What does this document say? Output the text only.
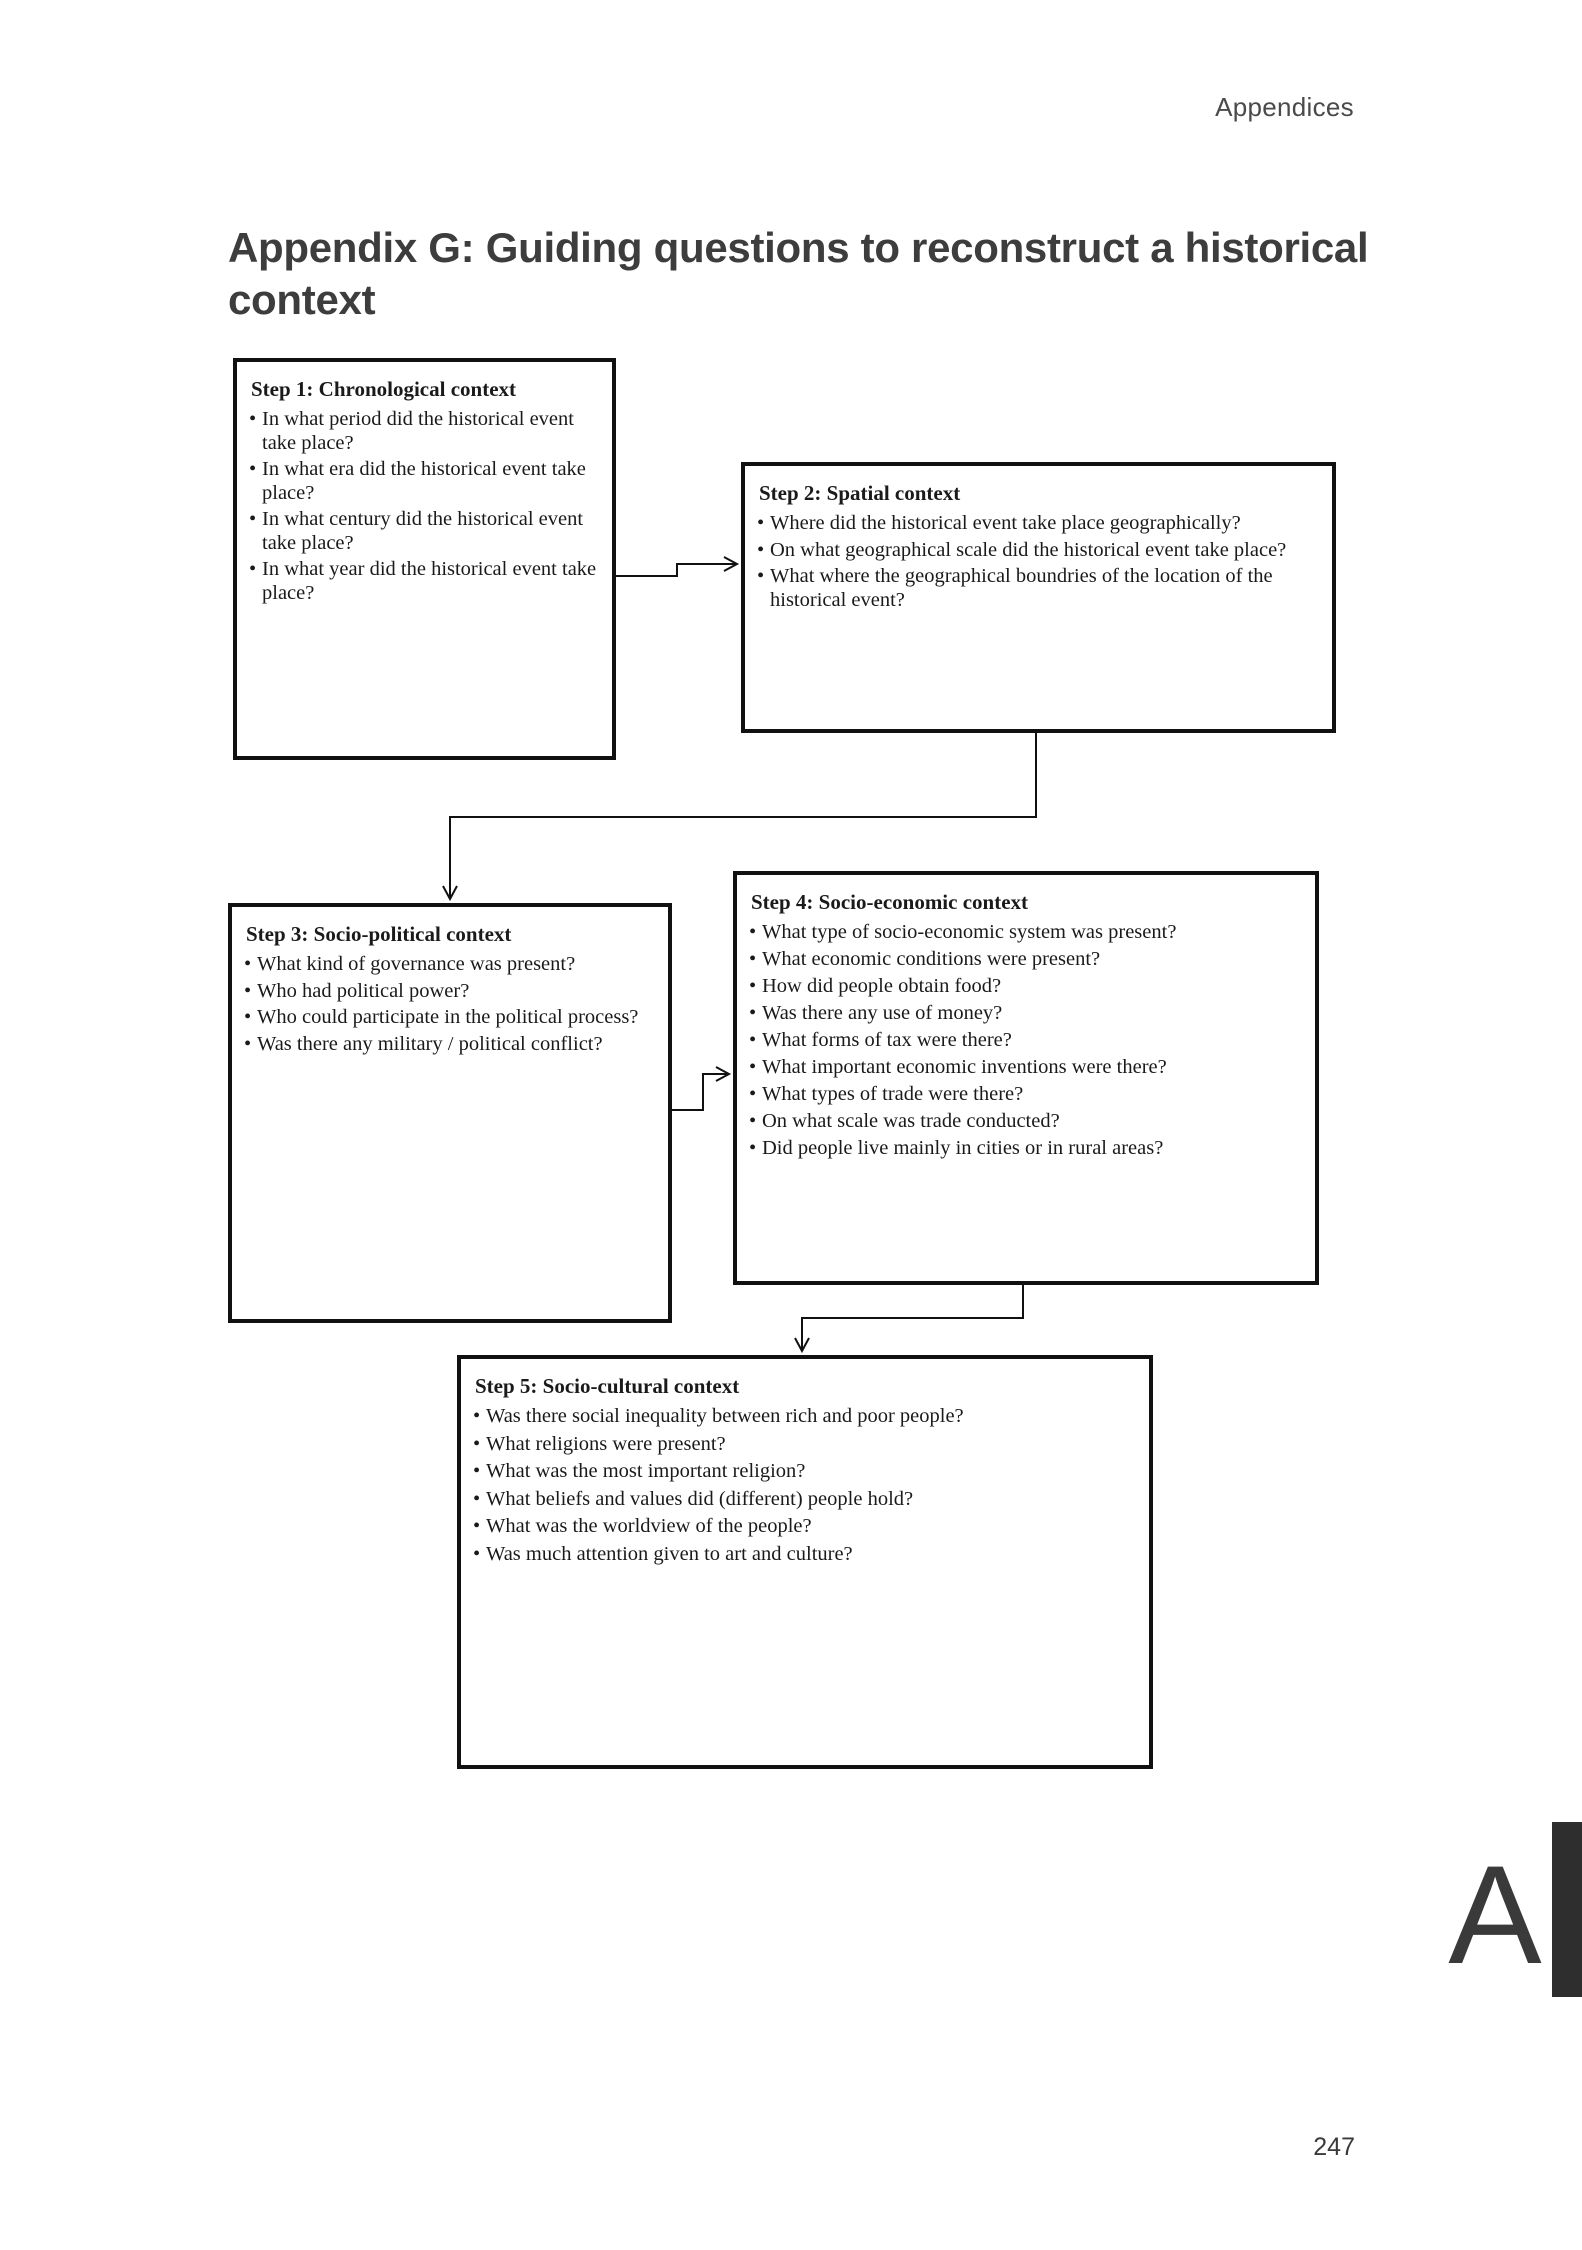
Appendices
Appendix G: Guiding questions to reconstruct a historical context
Step 1: Chronological context
• In what period did the historical event take place?
• In what era did the historical event take place?
• In what century did the historical event take place?
• In what year did the historical event take place?
Step 2: Spatial context
• Where did the historical event take place geographically?
• On what geographical scale did the historical event take place?
• What where the geographical boundries of the location of the historical event?
Step 3: Socio-political context
• What kind of governance was present?
• Who had political power?
• Who could participate in the political process?
• Was there any military / political conflict?
Step 4: Socio-economic context
• What type of socio-economic system was present?
• What economic conditions were present?
• How did people obtain food?
• Was there any use of money?
• What forms of tax were there?
• What important economic inventions were there?
• What types of trade were there?
• On what scale was trade conducted?
• Did people live mainly in cities or in rural areas?
Step 5: Socio-cultural context
• Was there social inequality between rich and poor people?
• What religions were present?
• What was the most important religion?
• What beliefs and values did (different) people hold?
• What was the worldview of the people?
• Was much attention given to art and culture?
A
247
